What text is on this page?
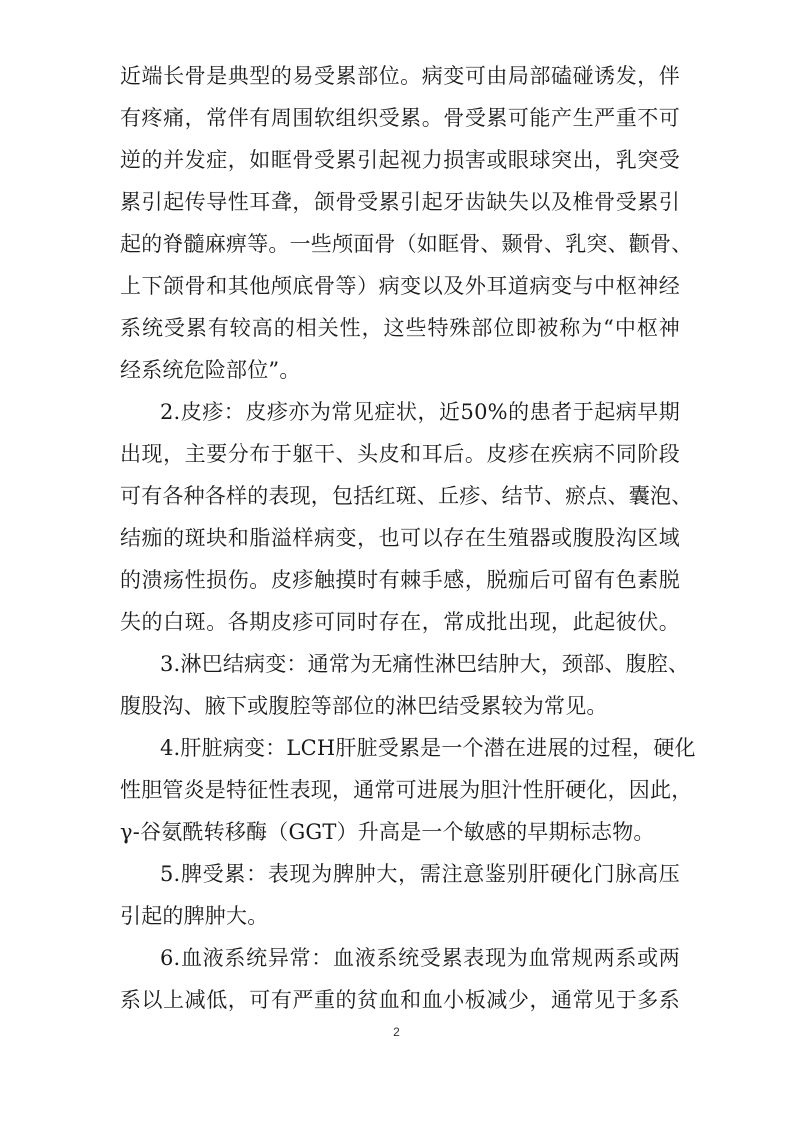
近端长骨是典型的易受累部位。病变可由局部磕碰诱发，伴
有疼痛，常伴有周围软组织受累。骨受累可能产生严重不可
逆的并发症，如眶骨受累引起视力损害或眼球突出，乳突受
累引起传导性耳聋，颌骨受累引起牙齿缺失以及椎骨受累引
起的脊髓麻痹等。一些颅面骨（如眶骨、颞骨、乳突、颧骨、
上下颌骨和其他颅底骨等）病变以及外耳道病变与中枢神经
系统受累有较高的相关性，这些特殊部位即被称为“中枢神
经系统危险部位”。
2.皮疹：皮疹亦为常见症状，近50%的患者于起病早期
出现，主要分布于躯干、头皮和耳后。皮疹在疾病不同阶段
可有各种各样的表现，包括红斑、丘疹、结节、瘀点、囊泡、
结痂的斑块和脂溢样病变，也可以存在生殖器或腹股沟区域
的溃疡性损伤。皮疹触摸时有棘手感，脱痂后可留有色素脱
失的白斑。各期皮疹可同时存在，常成批出现，此起彼伏。
3.淋巴结病变：通常为无痛性淋巴结肿大，颈部、腹腔、
腹股沟、腋下或腹腔等部位的淋巴结受累较为常见。
4.肝脏病变：LCH肝脏受累是一个潜在进展的过程，硬化
性胆管炎是特征性表现，通常可进展为胆汁性肝硬化，因此，
γ-谷氨酰转移酶（GGT）升高是一个敏感的早期标志物。
5.脾受累：表现为脾肿大，需注意鉴别肝硬化门脉高压
引起的脾肿大。
6.血液系统异常：血液系统受累表现为血常规两系或两
2
系以上减低，可有严重的贫血和血小板减少，通常见于多系
